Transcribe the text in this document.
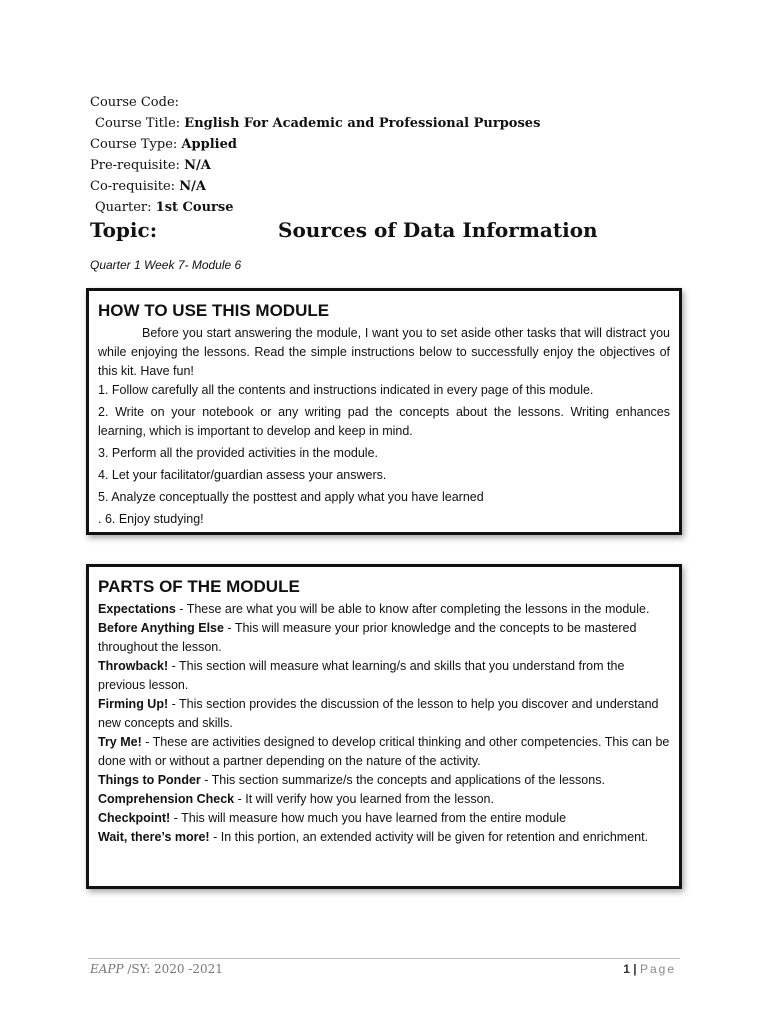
Course Code:
Course Title: English For Academic and Professional Purposes
Course Type: Applied
Pre-requisite: N/A
Co-requisite: N/A
Quarter: 1st Course
Topic:	Sources of Data Information
Quarter 1 Week 7- Module 6
HOW TO USE THIS MODULE

Before you start answering the module, I want you to set aside other tasks that will distract you while enjoying the lessons. Read the simple instructions below to successfully enjoy the objectives of this kit. Have fun!

1. Follow carefully all the contents and instructions indicated in every page of this module.

2. Write on your notebook or any writing pad the concepts about the lessons. Writing enhances learning, which is important to develop and keep in mind.

3. Perform all the provided activities in the module.

4. Let your facilitator/guardian assess your answers.

5. Analyze conceptually the posttest and apply what you have learned

. 6. Enjoy studying!

PARTS OF THE MODULE

Expectations - These are what you will be able to know after completing the lessons in the module.

Before Anything Else - This will measure your prior knowledge and the concepts to be mastered throughout the lesson.

Throwback! - This section will measure what learning/s and skills that you understand from the previous lesson.

Firming Up! - This section provides the discussion of the lesson to help you discover and understand new concepts and skills.

Try Me! - These are activities designed to develop critical thinking and other competencies. This can be done with or without a partner depending on the nature of the activity.

Things to Ponder - This section summarize/s the concepts and applications of the lessons.

Comprehension Check - It will verify how you learned from the lesson.

Checkpoint! - This will measure how much you have learned from the entire module

Wait, there’s more! - In this portion, an extended activity will be given for retention and enrichment.

EAPP /SY: 2020 -2021	1 | Page
